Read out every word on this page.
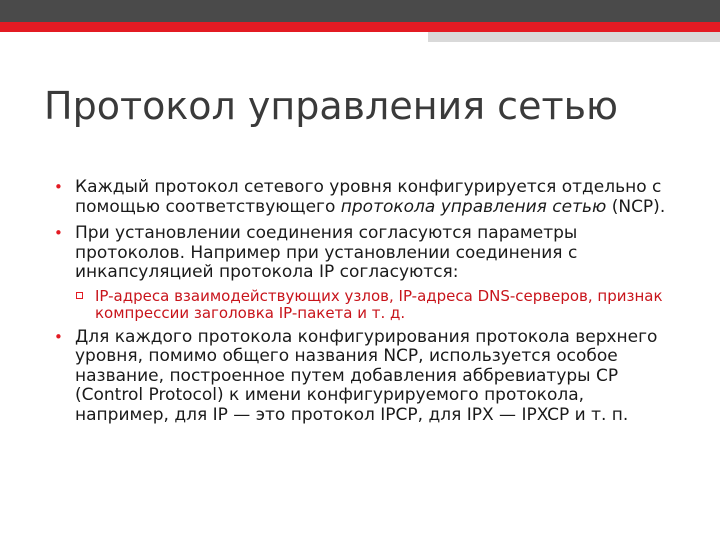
Протокол управления сетью
• Каждый протокол сетевого уровня конфигурируется отдельно с помощью соответствующего протокола управления сетью (NCP).
• При установлении соединения согласуются параметры протоколов. Например при установлении соединения с инкапсуляцией протокола IP согласуются:
IP-адреса взаимодействующих узлов, IP-адреса DNS-серверов, признак компрессии заголовка IP-пакета и т. д.
• Для каждого протокола конфигурирования протокола верхнего уровня, помимо общего названия NCP, используется особое название, построенное путем добавления аббревиатуры CP (Control Protocol) к имени конфигурируемого протокола, например, для IP — это протокол IPCP, для IPX — IPXCP и т. п.
